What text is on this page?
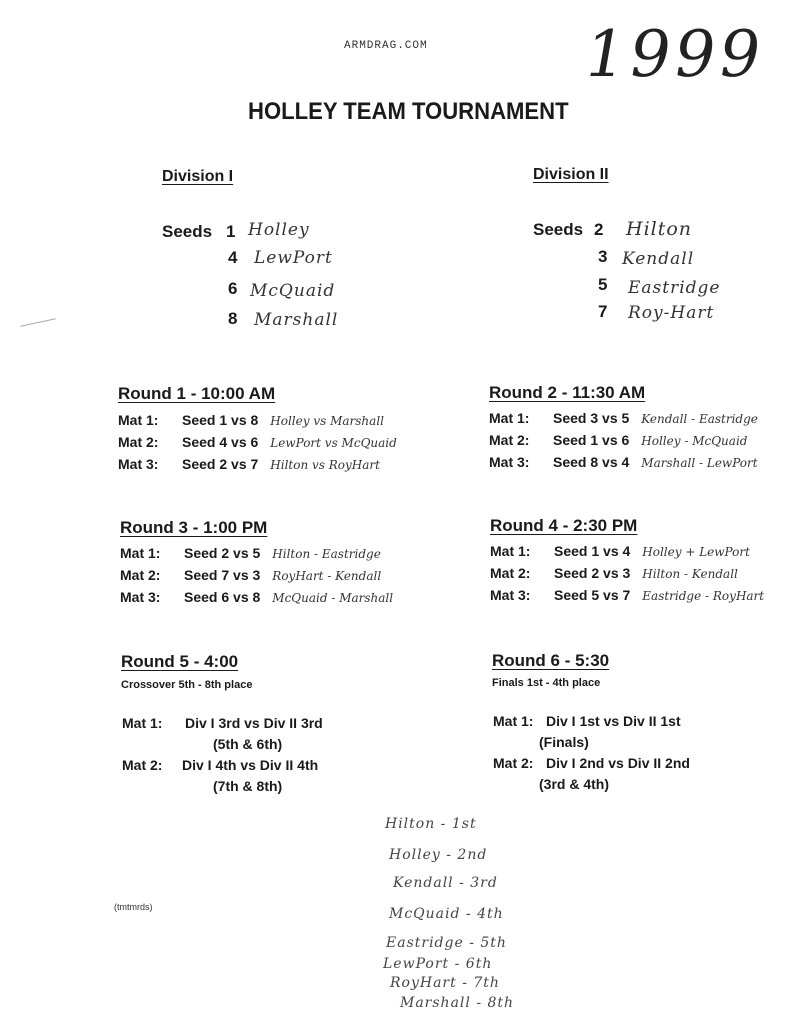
ARMDRAG.COM 1999
HOLLEY TEAM TOURNAMENT
Division I
Seeds 1 Holley
4 LewPort
6 McQuaid
8 Marshall
Division II
Seeds 2 Hilton
3 Kendall
5 Eastridge
7 Roy-Hart
Round 1 - 10:00 AM
Mat 1: Seed 1 vs 8 Holley vs Marshall
Mat 2: Seed 4 vs 6 LewPort vs McQuaid
Mat 3: Seed 2 vs 7 Hilton vs RoyHart
Round 2 - 11:30 AM
Mat 1: Seed 3 vs 5 Kendall - Eastridge
Mat 2: Seed 1 vs 6 Holley - McQuaid
Mat 3: Seed 8 vs 4 Marshall - LewPort
Round 3 - 1:00 PM
Mat 1: Seed 2 vs 5 Hilton - Eastridge
Mat 2: Seed 7 vs 3 RoyHart - Kendall
Mat 3: Seed 6 vs 8 McQuaid - Marshall
Round 4 - 2:30 PM
Mat 1: Seed 1 vs 4 Holley + LewPort
Mat 2: Seed 2 vs 3 Hilton - Kendall
Mat 3: Seed 5 vs 7 Eastridge - RoyHart
Round 5 - 4:00
Crossover 5th - 8th place
Mat 1: Div I 3rd vs Div II 3rd
(5th & 6th)
Mat 2: Div I 4th vs Div II 4th
(7th & 8th)
Round 6 - 5:30
Finals 1st - 4th place
Mat 1: Div I 1st vs Div II 1st
(Finals)
Mat 2: Div I 2nd vs Div II 2nd
(3rd & 4th)
(tmtmrds)
Hilton - 1st
Holley - 2nd
Kendall - 3rd
McQuaid - 4th
Eastridge - 5th
LewPort - 6th
RoyHart - 7th
Marshall - 8th
